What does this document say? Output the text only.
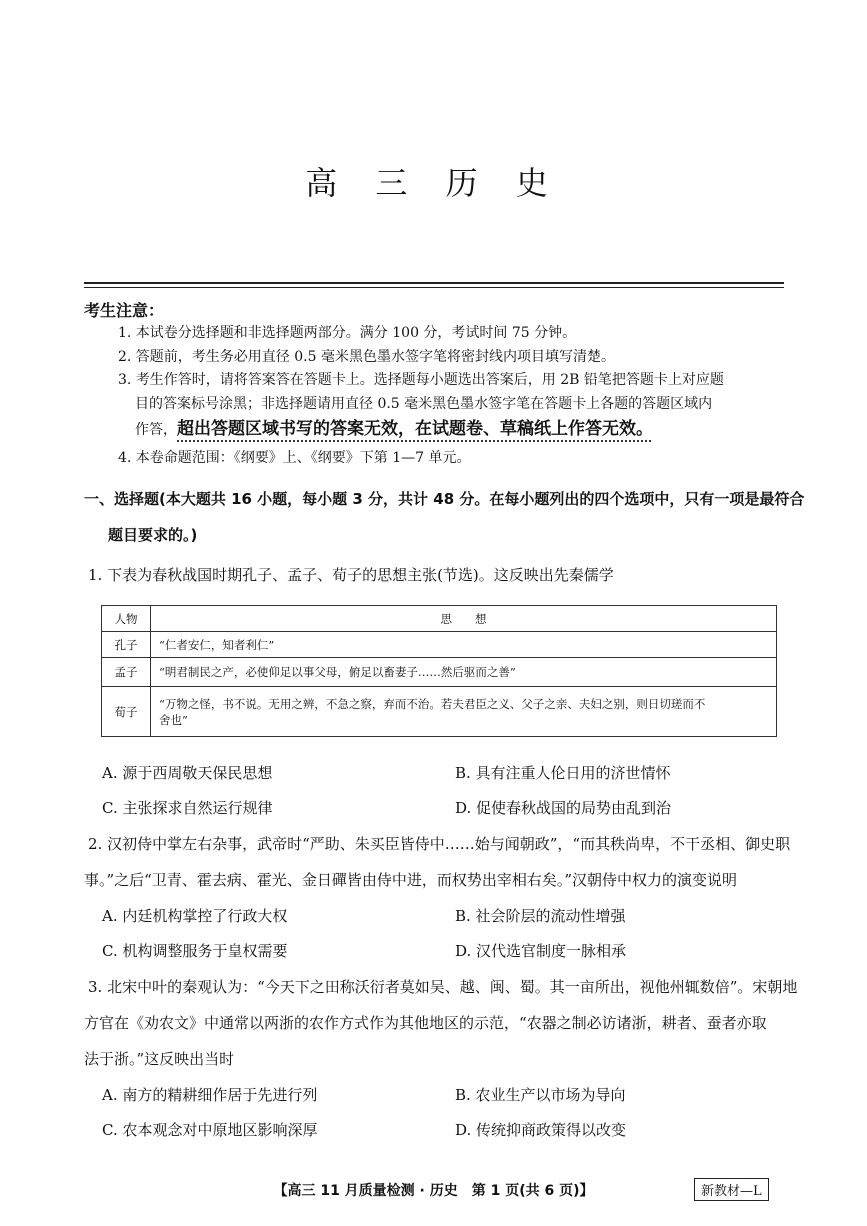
高 三 历 史
考生注意：
1. 本试卷分选择题和非选择题两部分。满分 100 分，考试时间 75 分钟。
2. 答题前，考生务必用直径 0.5 毫米黑色墨水签字笔将密封线内项目填写清楚。
3. 考生作答时，请将答案答在答题卡上。选择题每小题选出答案后，用 2B 铅笔把答题卡上对应题
目的答案标号涂黑；非选择题请用直径 0.5 毫米黑色墨水签字笔在答题卡上各题的答题区域内
作答，超出答题区域书写的答案无效，在试题卷、草稿纸上作答无效。
4. 本卷命题范围：《纲要》上、《纲要》下第 1—7 单元。
一、选择题(本大题共 16 小题，每小题 3 分，共计 48 分。在每小题列出的四个选项中，只有一项是最符合
题目要求的。)
1. 下表为春秋战国时期孔子、孟子、荀子的思想主张(节选)。这反映出先秦儒学
人物	思　　想
孔子	“仁者安仁，知者利仁”
孟子	“明君制民之产，必使仰足以事父母，俯足以畜妻子……然后驱而之善”
荀子	“万物之怪，书不说。无用之辨，不急之察，弃而不治。若夫君臣之义、父子之亲、夫妇之别，则日切瑳而不
舍也”
A. 源于西周敬天保民思想	B. 具有注重人伦日用的济世情怀
C. 主张探求自然运行规律	D. 促使春秋战国的局势由乱到治
2. 汉初侍中掌左右杂事，武帝时“严助、朱买臣皆侍中……始与闻朝政”，“而其秩尚卑，不干丞相、御史职
事。”之后“卫青、霍去病、霍光、金日磾皆由侍中进，而权势出宰相右矣。”汉朝侍中权力的演变说明
A. 内廷机构掌控了行政大权	B. 社会阶层的流动性增强
C. 机构调整服务于皇权需要	D. 汉代选官制度一脉相承
3. 北宋中叶的秦观认为：“今天下之田称沃衍者莫如吴、越、闽、蜀。其一亩所出，视他州辄数倍”。宋朝地
方官在《劝农文》中通常以两浙的农作方式作为其他地区的示范，“农器之制必访诸浙，耕者、蚕者亦取
法于浙。”这反映出当时
A. 南方的精耕细作居于先进行列	B. 农业生产以市场为导向
C. 农本观念对中原地区影响深厚	D. 传统抑商政策得以改变
【高三 11 月质量检测 · 历史　第 1 页(共 6 页)】	新教材—L
